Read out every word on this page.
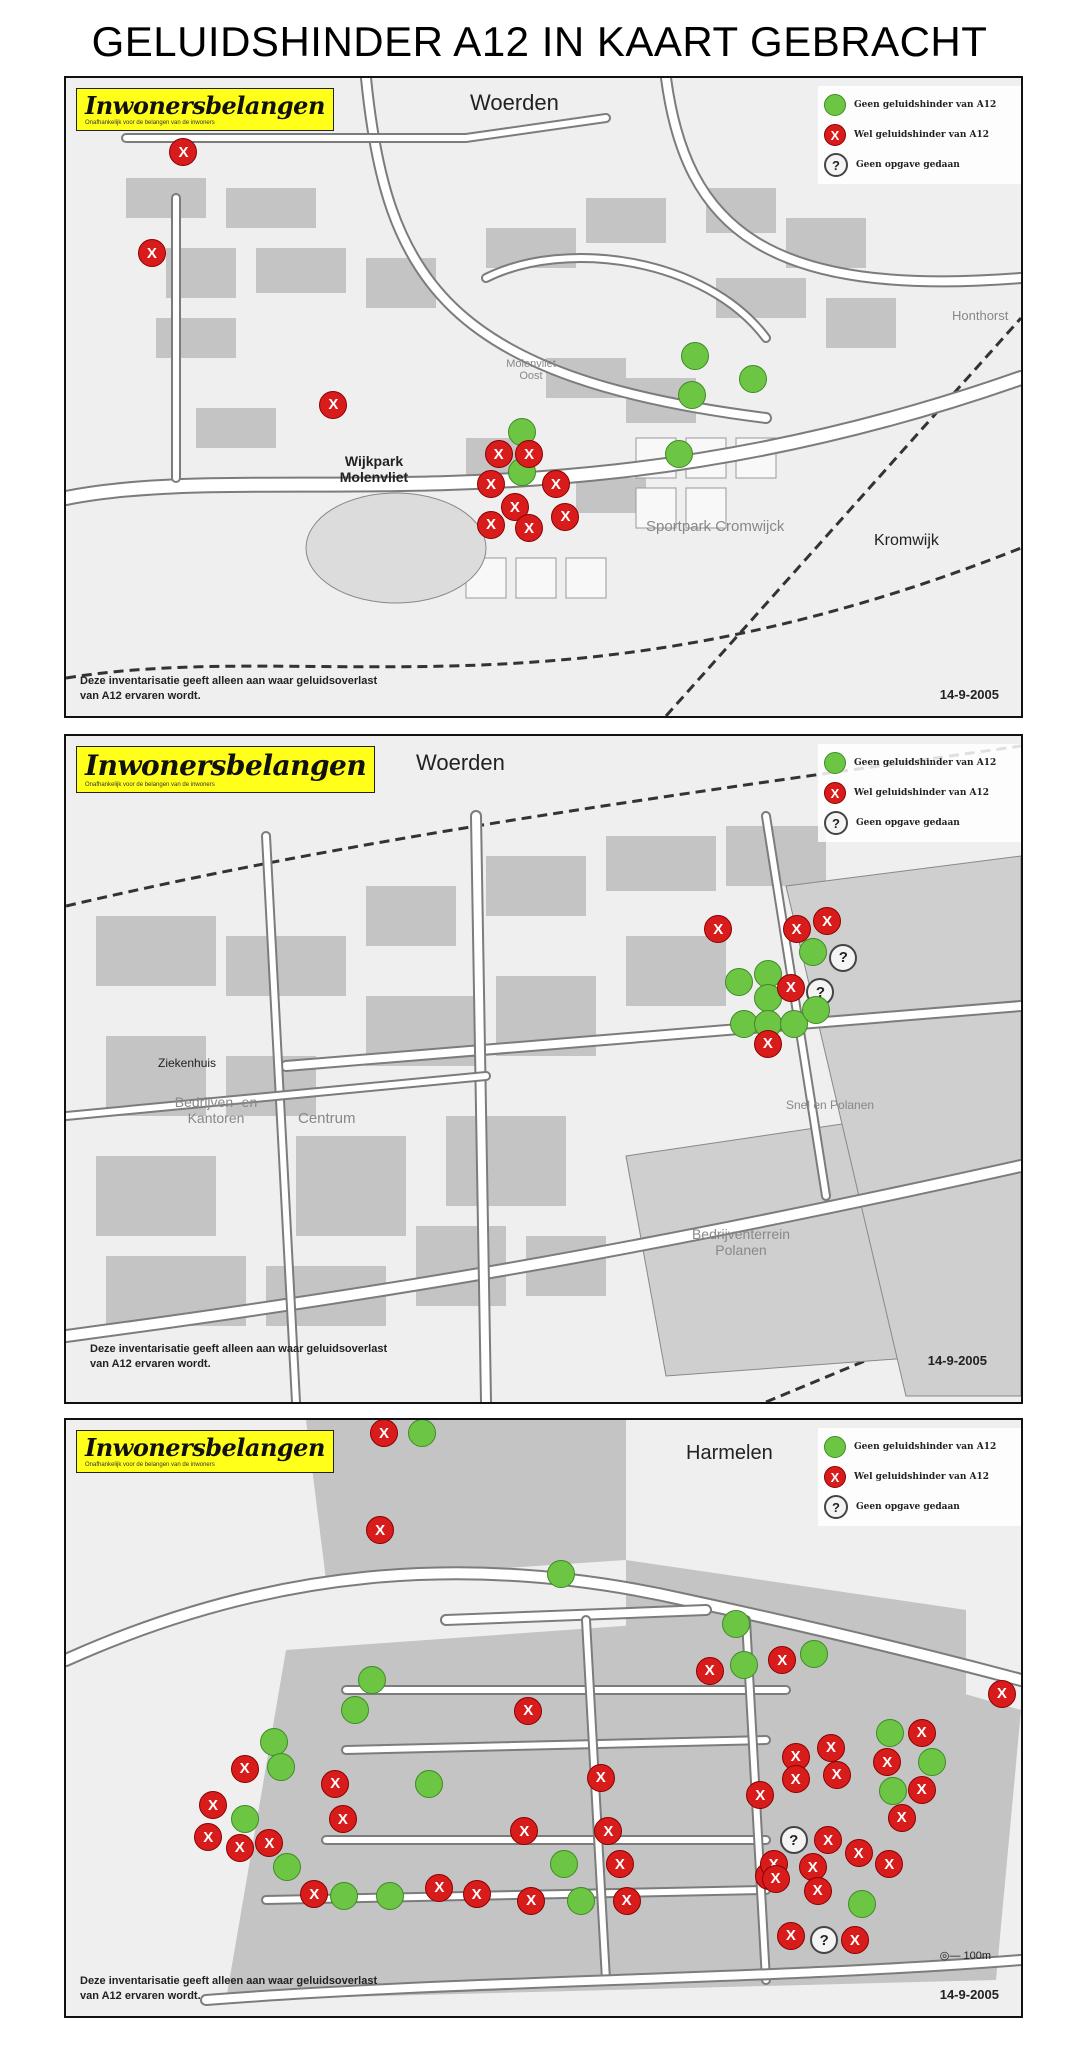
GELUIDSHINDER A12 IN KAART GEBRACHT
Inwonersbelangen
Onafhankelijk voor de belangen van de inwoners
Woerden
Wijkpark Molenvliet
Sportpark Cromwijck
Kromwijk
Molenvliet Oost
Honthorst
Geen geluidshinder van A12
X	Wel geluidshinder van A12
?	Geen opgave gedaan
X
X
X
X
X
X
X
X
X
X
X
Deze inventarisatie geeft alleen aan waar geluidsoverlast van A12 ervaren wordt.	14-9-2005
Inwonersbelangen
Onafhankelijk voor de belangen van de inwoners
Woerden
Ziekenhuis
Bedrijven- en Kantoren	Centrum
Bedrijventerrein Polanen
Snel en Polanen
Geen geluidshinder van A12
X	Wel geluidshinder van A12
?	Geen opgave gedaan
X
X
X
?
X
?
X
Deze inventarisatie geeft alleen aan waar geluidsoverlast van A12 ervaren wordt.	14-9-2005
Inwonersbelangen
Onafhankelijk voor de belangen van de inwoners
Harmelen	Geen geluidshinder van A12
X	Wel geluidshinder van A12
?	Geen opgave gedaan
X
X
X
X
X
X
X
X
X
X
X
X
X
X
X
X
X
X
X
X
X
X
X
X
X
X
X
X
X
X
X
?
X
X
X
X
X
X
X
?
X
X
X
Deze inventarisatie geeft alleen aan waar geluidsoverlast van A12 ervaren wordt.
◎— 100m
14-9-2005
